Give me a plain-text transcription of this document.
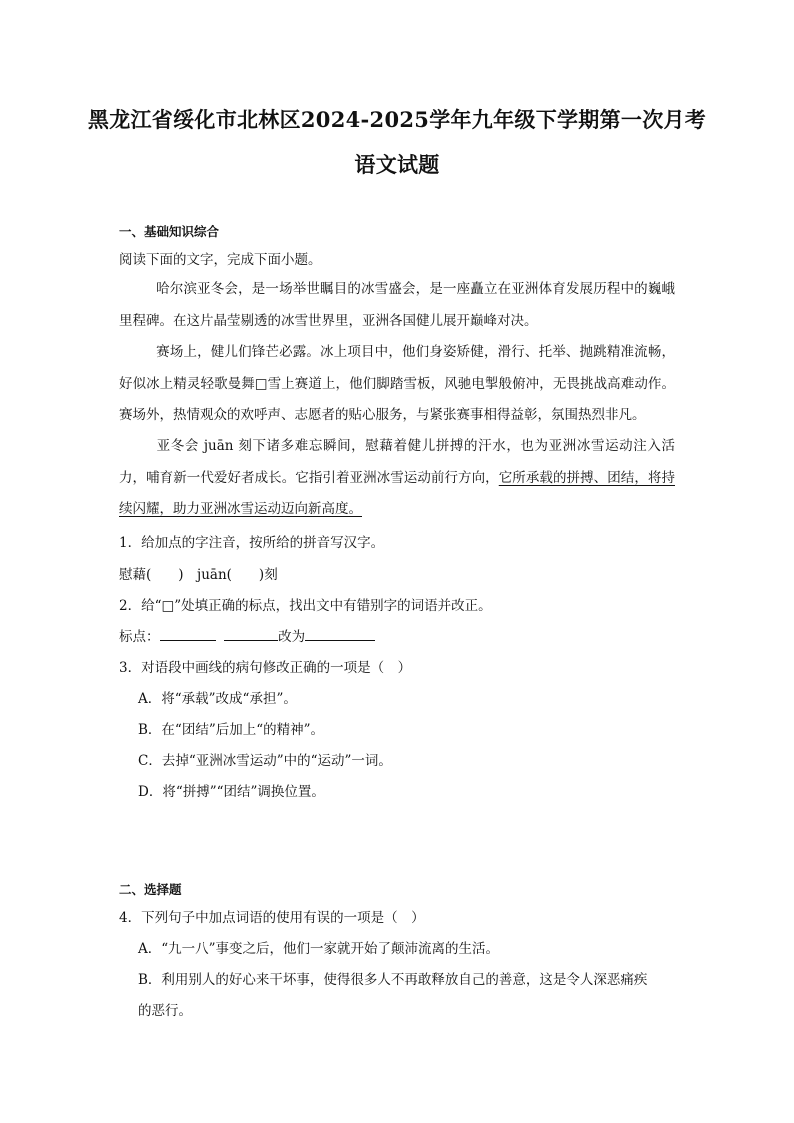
黑龙江省绥化市北林区2024-2025学年九年级下学期第一次月考
语文试题
一、基础知识综合
阅读下面的文字，完成下面小题。
哈尔滨亚冬会，是一场举世瞩目的冰雪盛会，是一座矗立在亚洲体育发展历程中的巍峨里程碑。在这片晶莹剔透的冰雪世界里，亚洲各国健儿展开巅峰对决。
赛场上，健儿们锋芒必露。冰上项目中，他们身姿矫健，滑行、托举、抛跳精准流畅，好似冰上精灵轻歌曼舞□雪上赛道上，他们脚踏雪板，风驰电掣般俯冲，无畏挑战高难动作。赛场外，热情观众的欢呼声、志愿者的贴心服务，与紧张赛事相得益彰，氛围热烈非凡。
亚冬会 juān 刻下诸多难忘瞬间，慰藉着健儿拼搏的汗水，也为亚洲冰雪运动注入活力，哺育新一代爱好者成长。它指引着亚洲冰雪运动前行方向，它所承载的拼搏、团结，将持续闪耀，助力亚洲冰雪运动迈向新高度。
1．给加点的字注音，按所给的拼音写汉字。
慰藉(　　)　juān(　　)刻
2．给“□”处填正确的标点，找出文中有错别字的词语并改正。
标点：	改为
3．对语段中画线的病句修改正确的一项是（　）
A．将“承载”改成“承担”。
B．在“团结”后加上“的精神”。
C．去掉“亚洲冰雪运动”中的“运动”一词。
D．将“拼搏”“团结”调换位置。
二、选择题
4．下列句子中加点词语的使用有误的一项是（　）
A．“九一八”事变之后，他们一家就开始了颠沛流离的生活。
B．利用别人的好心来干坏事，使得很多人不再敢释放自己的善意，这是令人深恶痛疾
的恶行。
